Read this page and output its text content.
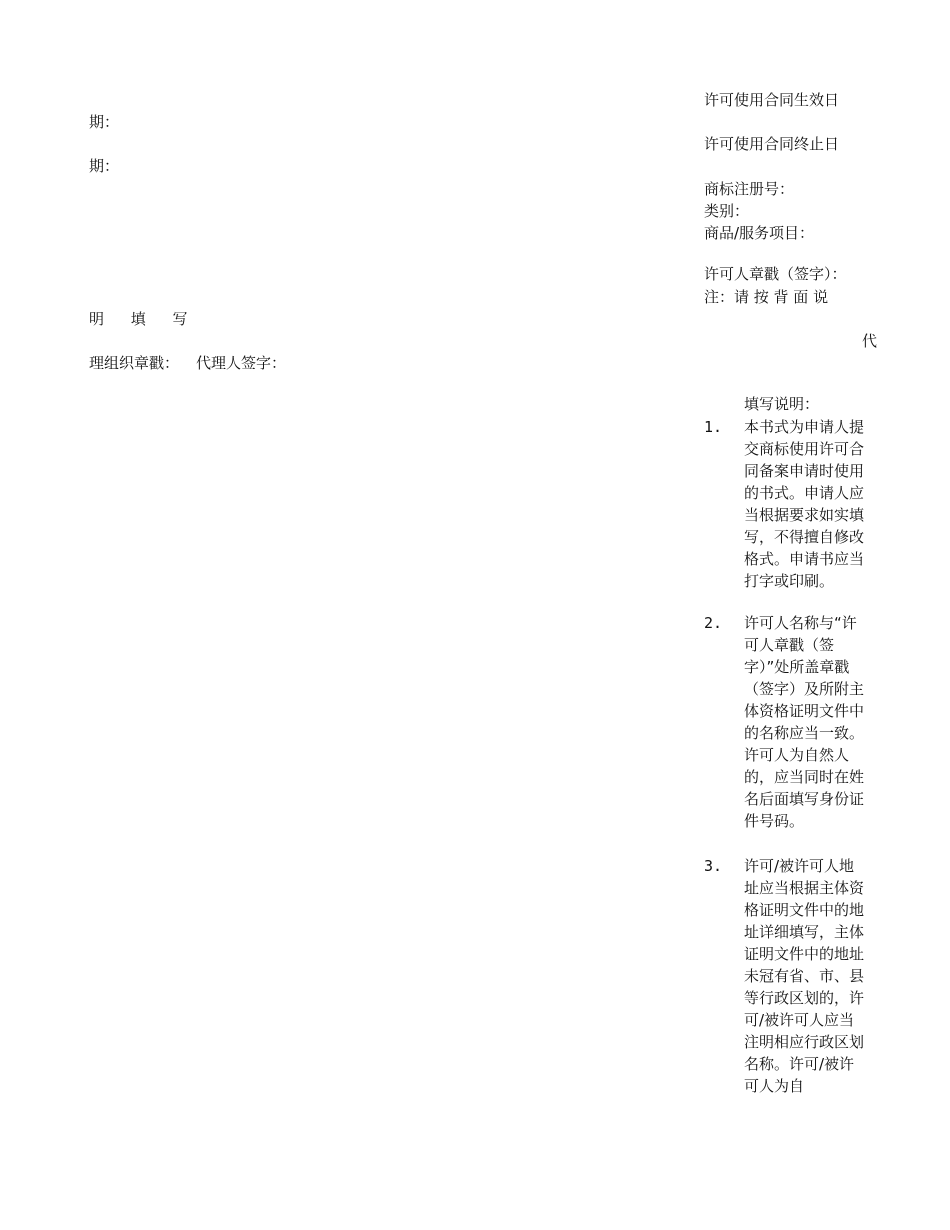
许可使用合同生效日
期：
许可使用合同终止日
期：
商标注册号：
类别：
商品/服务项目：
许可人章戳（签字）：
注：请 按 背 面 说
明 填 写
代
理组织章戳： 代理人签字：
填写说明：
1. 本书式为申请人提交商标使用许可合同备案申请时使用的书式。申请人应当根据要求如实填写，不得擅自修改格式。申请书应当打字或印刷。
2. 许可人名称与“许可人章戳（签字）”处所盖章戳（签字）及所附主体资格证明文件中的名称应当一致。许可人为自然人的，应当同时在姓名后面填写身份证件号码。
3. 许可/被许可人地址应当根据主体资格证明文件中的地址详细填写，主体证明文件中的地址未冠有省、市、县等行政区划的，许可/被许可人应当注明相应行政区划名称。许可/被许可人为自
